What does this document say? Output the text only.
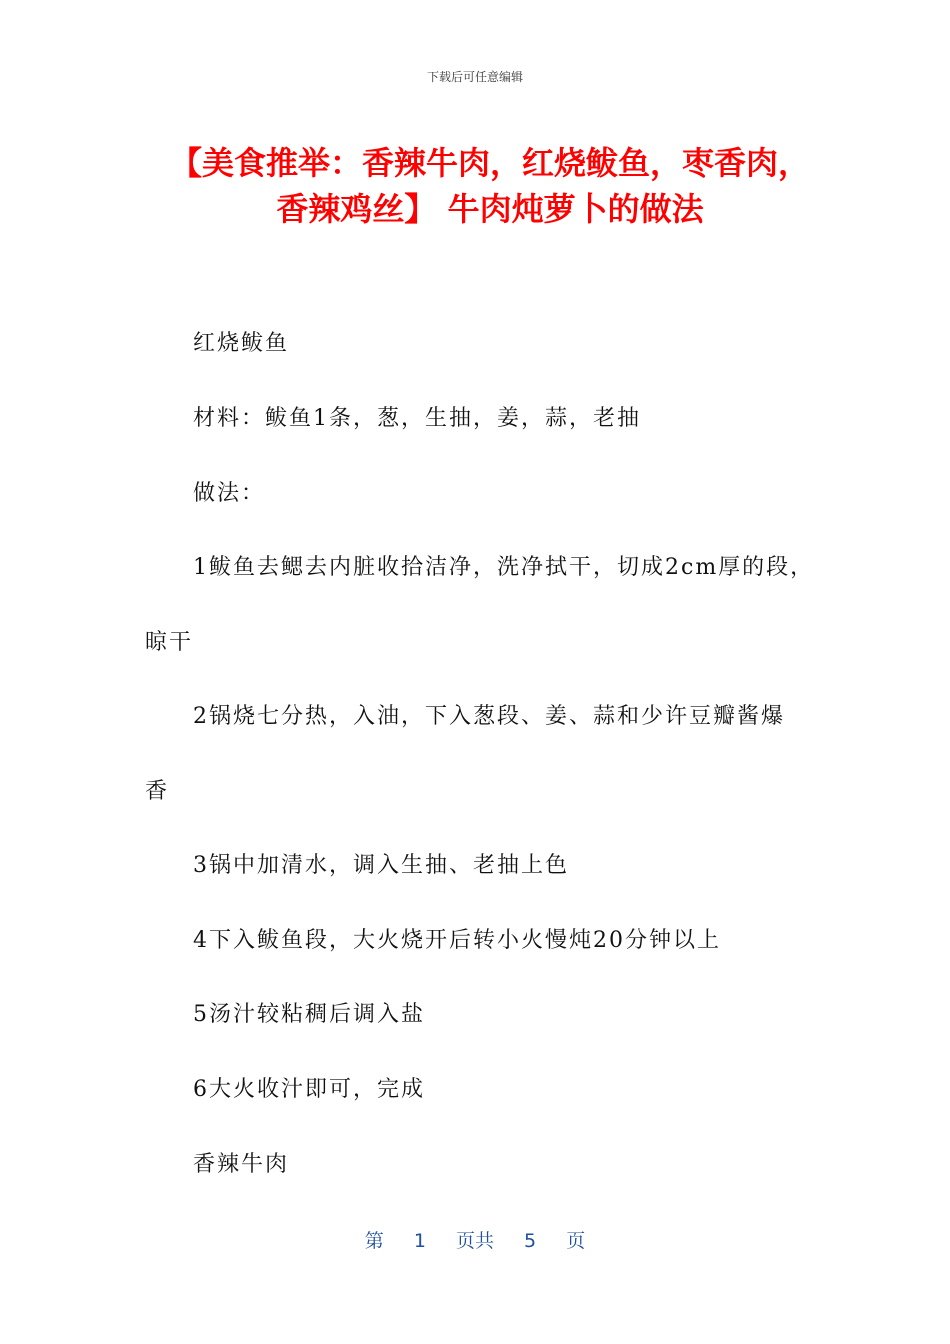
下载后可任意编辑
【美食推举：香辣牛肉，红烧鲅鱼，枣香肉，
香辣鸡丝】 牛肉炖萝卜的做法
红烧鲅鱼
材料：鲅鱼1条，葱，生抽，姜，蒜，老抽
做法：
1鲅鱼去鳃去内脏收拾洁净，洗净拭干，切成2cm厚的段，
晾干
2锅烧七分热，入油，下入葱段、姜、蒜和少许豆瓣酱爆
香
3锅中加清水，调入生抽、老抽上色
4下入鲅鱼段，大火烧开后转小火慢炖20分钟以上
5汤汁较粘稠后调入盐
6大火收汁即可，完成
香辣牛肉
第 1 页共 5 页
